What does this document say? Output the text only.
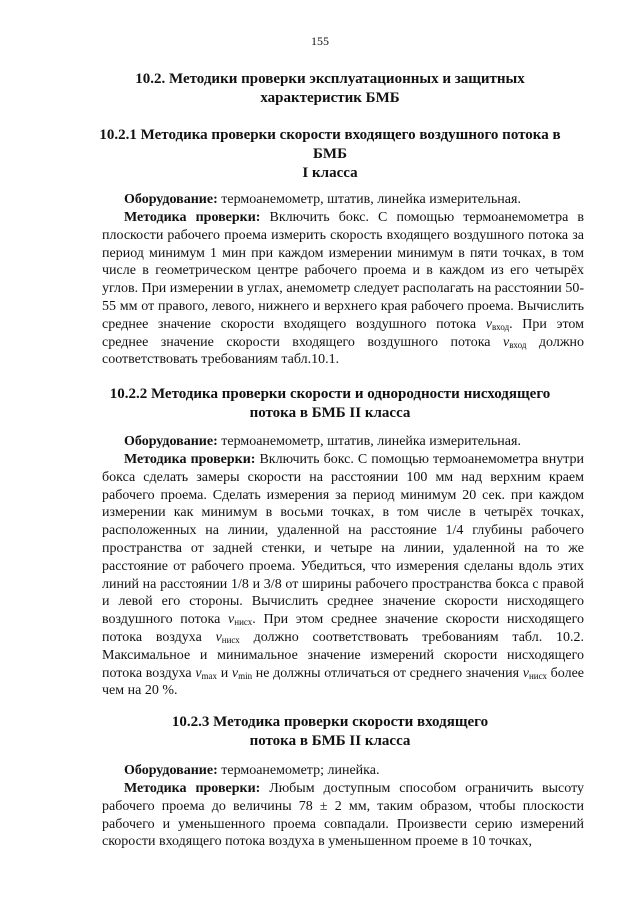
155
10.2. Методики проверки эксплуатационных и защитных
характеристик БМБ
10.2.1 Методика проверки скорости входящего воздушного потока в
БМБ
I класса
Оборудование: термоанемометр, штатив, линейка измерительная.
Методика проверки: Включить бокс. С помощью термоанемометра в плоскости рабочего проема измерить скорость входящего воздушного потока за период минимум 1 мин при каждом измерении минимум в пяти точках, в том числе в геометрическом центре рабочего проема и в каждом из его четырёх углов. При измерении в углах, анемометр следует располагать на расстоянии 50-55 мм от правого, левого, нижнего и верхнего края рабочего проема. Вычислить среднее значение скорости входящего воздушного потока $v_{вход}$. При этом среднее значение скорости входящего воздушного потока $v_{вход}$ должно соответствовать требованиям табл.10.1.
10.2.2 Методика проверки скорости и однородности нисходящего
потока в БМБ II класса
Оборудование: термоанемометр, штатив, линейка измерительная.
Методика проверки: Включить бокс. С помощью термоанемометра внутри бокса сделать замеры скорости на расстоянии 100 мм над верхним краем рабочего проема. Сделать измерения за период минимум 20 сек. при каждом измерении как минимум в восьми точках, в том числе в четырёх точках, расположенных на линии, удаленной на расстояние 1/4 глубины рабочего пространства от задней стенки, и четыре на линии, удаленной на то же расстояние от рабочего проема. Убедиться, что измерения сделаны вдоль этих линий на расстоянии 1/8 и 3/8 от ширины рабочего пространства бокса с правой и левой его стороны. Вычислить среднее значение скорости нисходящего воздушного потока $v_{нисх}$. При этом среднее значение скорости нисходящего потока воздуха $v_{нисх}$ должно соответствовать требованиям табл. 10.2. Максимальное и минимальное значение измерений скорости нисходящего потока воздуха $v_{max}$ и $v_{min}$ не должны отличаться от среднего значения $v_{нисх}$ более чем на 20 %.
10.2.3 Методика проверки скорости входящего
потока в БМБ II класса
Оборудование: термоанемометр; линейка.
Методика проверки: Любым доступным способом ограничить высоту рабочего проема до величины 78 ± 2 мм, таким образом, чтобы плоскости рабочего и уменьшенного проема совпадали. Произвести серию измерений скорости входящего потока воздуха в уменьшенном проеме в 10 точках,
